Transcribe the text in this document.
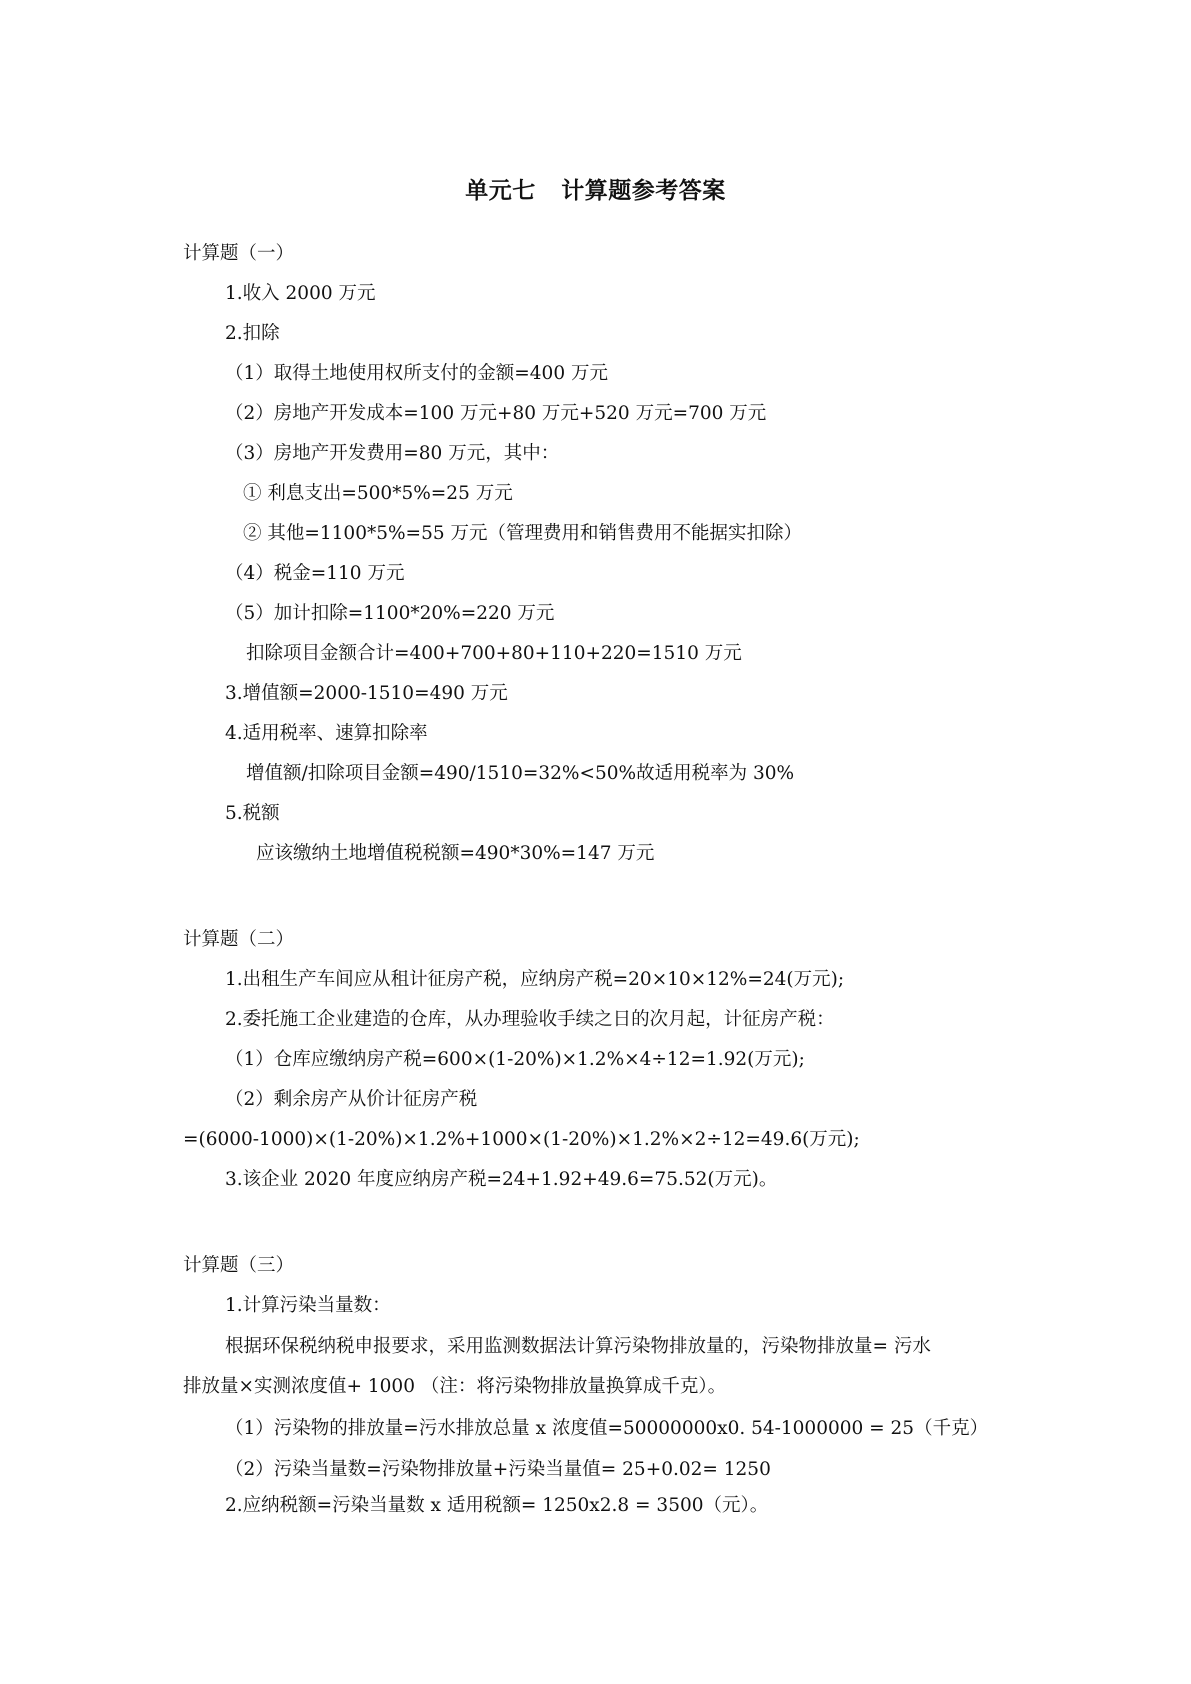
单元七   计算题参考答案
计算题（一）
1.收入 2000 万元
2.扣除
（1）取得土地使用权所支付的金额=400 万元
（2）房地产开发成本=100 万元+80 万元+520 万元=700 万元
（3）房地产开发费用=80 万元，其中：
① 利息支出=500*5%=25 万元
② 其他=1100*5%=55 万元（管理费用和销售费用不能据实扣除）
（4）税金=110 万元
（5）加计扣除=1100*20%=220 万元
扣除项目金额合计=400+700+80+110+220=1510 万元
3.增值额=2000-1510=490 万元
4.适用税率、速算扣除率
增值额/扣除项目金额=490/1510=32%<50%故适用税率为 30%
5.税额
应该缴纳土地增值税税额=490*30%=147 万元
计算题（二）
1.出租生产车间应从租计征房产税，应纳房产税=20×10×12%=24(万元);
2.委托施工企业建造的仓库，从办理验收手续之日的次月起，计征房产税：
（1）仓库应缴纳房产税=600×(1-20%)×1.2%×4÷12=1.92(万元);
（2）剩余房产从价计征房产税
=(6000-1000)×(1-20%)×1.2%+1000×(1-20%)×1.2%×2÷12=49.6(万元);
3.该企业 2020 年度应纳房产税=24+1.92+49.6=75.52(万元)。
计算题（三）
1.计算污染当量数：
根据环保税纳税申报要求，采用监测数据法计算污染物排放量的，污染物排放量= 污水
排放量×实测浓度值+ 1000 （注：将污染物排放量换算成千克）。
（1）污染物的排放量=污水排放总量 x 浓度值=50000000x0. 54-1000000 = 25（千克）
（2）污染当量数=污染物排放量+污染当量值= 25+0.02= 1250
2.应纳税额=污染当量数 x 适用税额= 1250x2.8 = 3500（元）。
